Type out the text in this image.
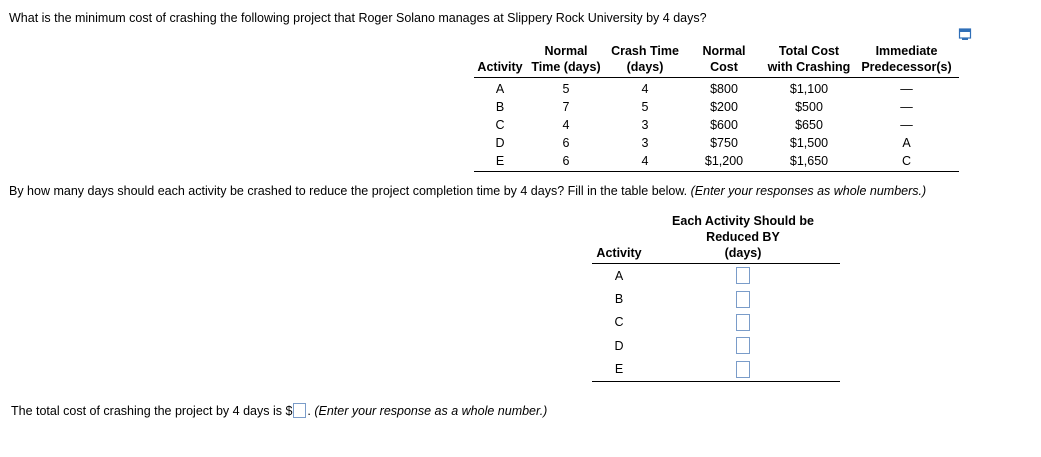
What is the minimum cost of crashing the following project that Roger Solano manages at Slippery Rock University by 4 days?
	Normal	Crash Time	Normal	Total Cost	Immediate
Activity	Time (days)	(days)	Cost	with Crashing	Predecessor(s)
A	5	4	$800	$1,100	—
B	7	5	$200	$500	—
C	4	3	$600	$650	—
D	6	3	$750	$1,500	A
E	6	4	$1,200	$1,650	C
By how many days should each activity be crashed to reduce the project completion time by 4 days? Fill in the table below. (Enter your responses as whole numbers.)
Activity	Each Activity Should be
Reduced BY
(days)

A	
B	
C	
D	
E	
The total cost of crashing the project by 4 days is $ . (Enter your response as a whole number.)
